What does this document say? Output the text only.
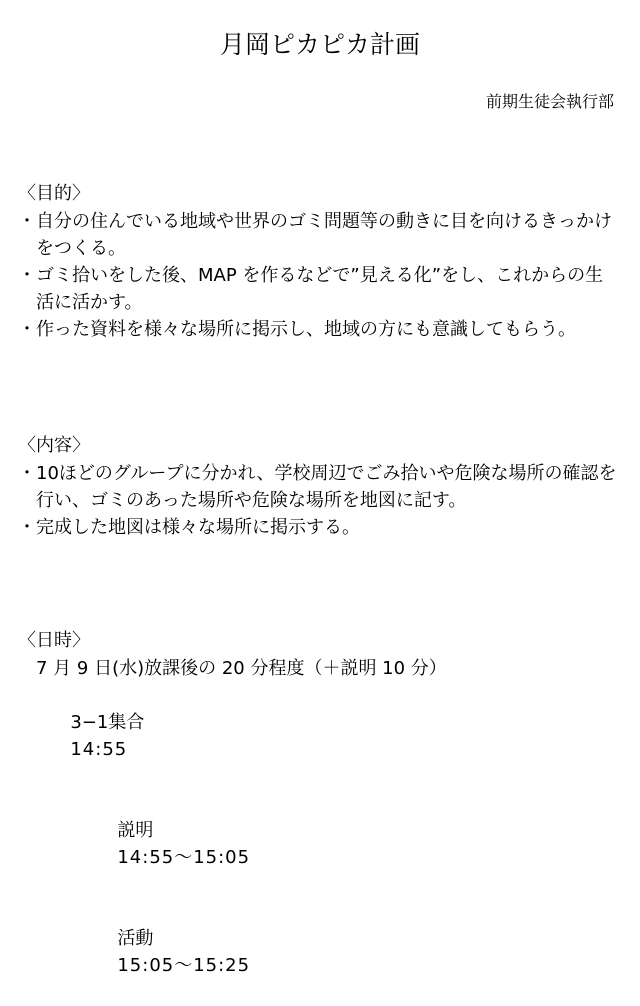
月岡ピカピカ計画
前期生徒会執行部
〈目的〉
・ 自分の住んでいる地域や世界のゴミ問題等の動きに目を向けるきっかけをつくる。
・ ゴミ拾いをした後、MAP を作るなどで”見える化”をし、これからの生活に活かす。
・ 作った資料を様々な場所に掲示し、地域の方にも意識してもらう。
〈内容〉
・ 10ほどのグループに分かれ、学校周辺でごみ拾いや危険な場所の確認を行い、ゴミのあった場所や危険な場所を地図に記す。
・ 完成した地図は様々な場所に掲示する。
〈日時〉
7 月 9 日(水)放課後の 20 分程度（＋説明 10 分）

3−1集合
14:55

説明
14:55〜15:05

活動
15:05〜15:25
